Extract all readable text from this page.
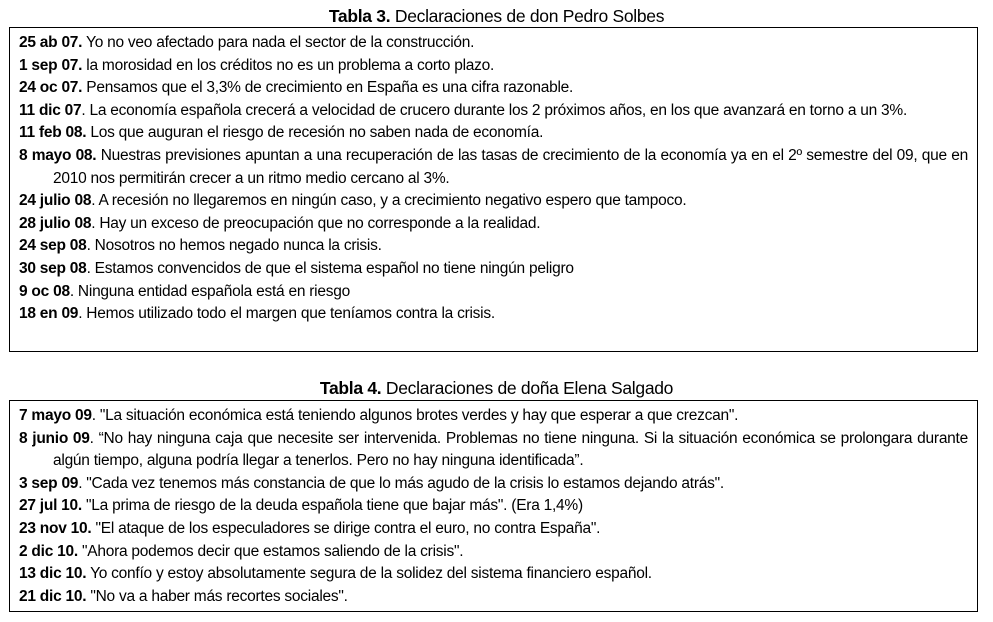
Tabla 3. Declaraciones de don Pedro Solbes

25 ab 07. Yo no veo afectado para nada el sector de la construcción.

1 sep 07. la morosidad en los créditos no es un problema a corto plazo.

24 oc 07. Pensamos que el 3,3% de crecimiento en España es una cifra razonable.

11 dic 07. La economía española crecerá a velocidad de crucero durante los 2 próximos años, en los que avanzará en torno a un 3%.

11 feb 08. Los que auguran el riesgo de recesión no saben nada de economía.

8 mayo 08. Nuestras previsiones apuntan a una recuperación de las tasas de crecimiento de la economía ya en el 2º semestre del 09, que en 2010 nos permitirán crecer a un ritmo medio cercano al 3%.

24 julio 08. A recesión no llegaremos en ningún caso, y a crecimiento negativo espero que tampoco.

28 julio 08. Hay un exceso de preocupación que no corresponde a la realidad.

24 sep 08. Nosotros no hemos negado nunca la crisis.

30 sep 08. Estamos convencidos de que el sistema español no tiene ningún peligro

9 oc 08. Ninguna entidad española está en riesgo

18 en 09. Hemos utilizado todo el margen que teníamos contra la crisis.

Tabla 4. Declaraciones de doña Elena Salgado

7 mayo 09. "La situación económica está teniendo algunos brotes verdes y hay que esperar a que crezcan".

8 junio 09. “No hay ninguna caja que necesite ser intervenida. Problemas no tiene ninguna. Si la situación económica se prolongara durante algún tiempo, alguna podría llegar a tenerlos. Pero no hay ninguna identificada”.

3 sep 09. "Cada vez tenemos más constancia de que lo más agudo de la crisis lo estamos dejando atrás".

27 jul 10. "La prima de riesgo de la deuda española tiene que bajar más". (Era 1,4%)

23 nov 10. "El ataque de los especuladores se dirige contra el euro, no contra España".

2 dic 10. "Ahora podemos decir que estamos saliendo de la crisis".

13 dic 10. Yo confío y estoy absolutamente segura de la solidez del sistema financiero español.

21 dic 10. "No va a haber más recortes sociales".
